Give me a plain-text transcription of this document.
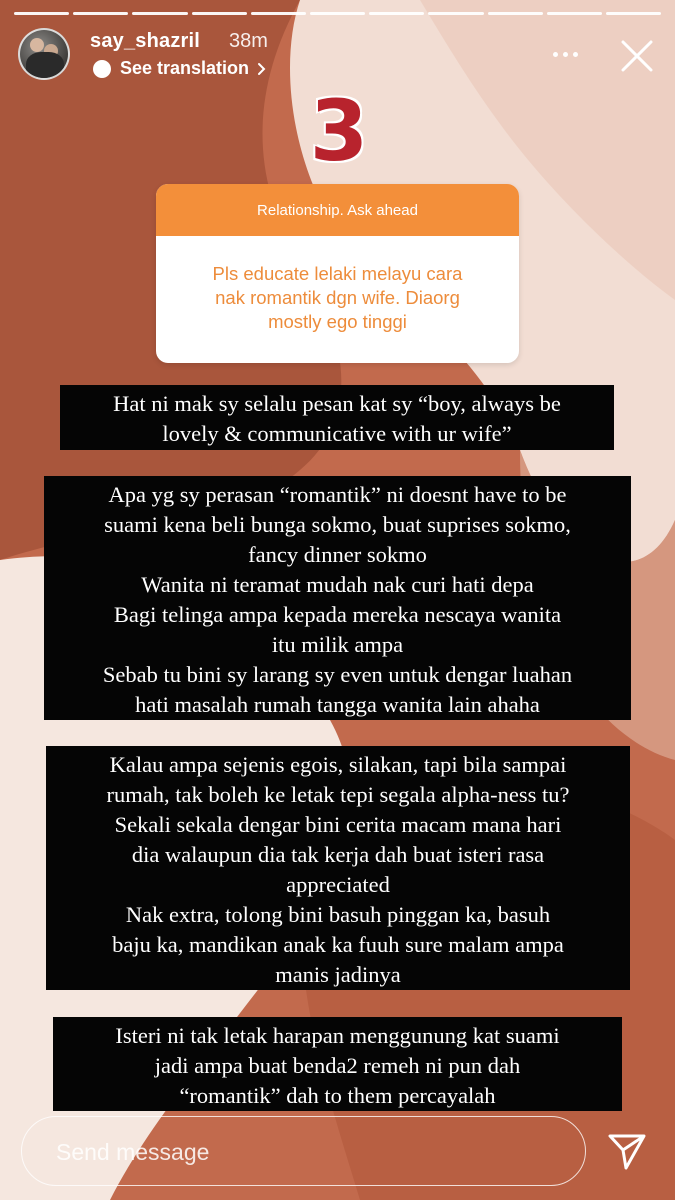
say_shazril 38m
See translation
3
Relationship. Ask ahead
Pls educate lelaki melayu cara
nak romantik dgn wife. Diaorg
mostly ego tinggi
Hat ni mak sy selalu pesan kat sy “boy, always be
lovely & communicative with ur wife”
Apa yg sy perasan “romantik” ni doesnt have to be
suami kena beli bunga sokmo, buat suprises sokmo,
fancy dinner sokmo
Wanita ni teramat mudah nak curi hati depa
Bagi telinga ampa kepada mereka nescaya wanita
itu milik ampa
Sebab tu bini sy larang sy even untuk dengar luahan
hati masalah rumah tangga wanita lain ahaha
Kalau ampa sejenis egois, silakan, tapi bila sampai
rumah, tak boleh ke letak tepi segala alpha-ness tu?
Sekali sekala dengar bini cerita macam mana hari
dia walaupun dia tak kerja dah buat isteri rasa
appreciated
Nak extra, tolong bini basuh pinggan ka, basuh
baju ka, mandikan anak ka fuuh sure malam ampa
manis jadinya
Isteri ni tak letak harapan menggunung kat suami
jadi ampa buat benda2 remeh ni pun dah
“romantik” dah to them percayalah
Send message
